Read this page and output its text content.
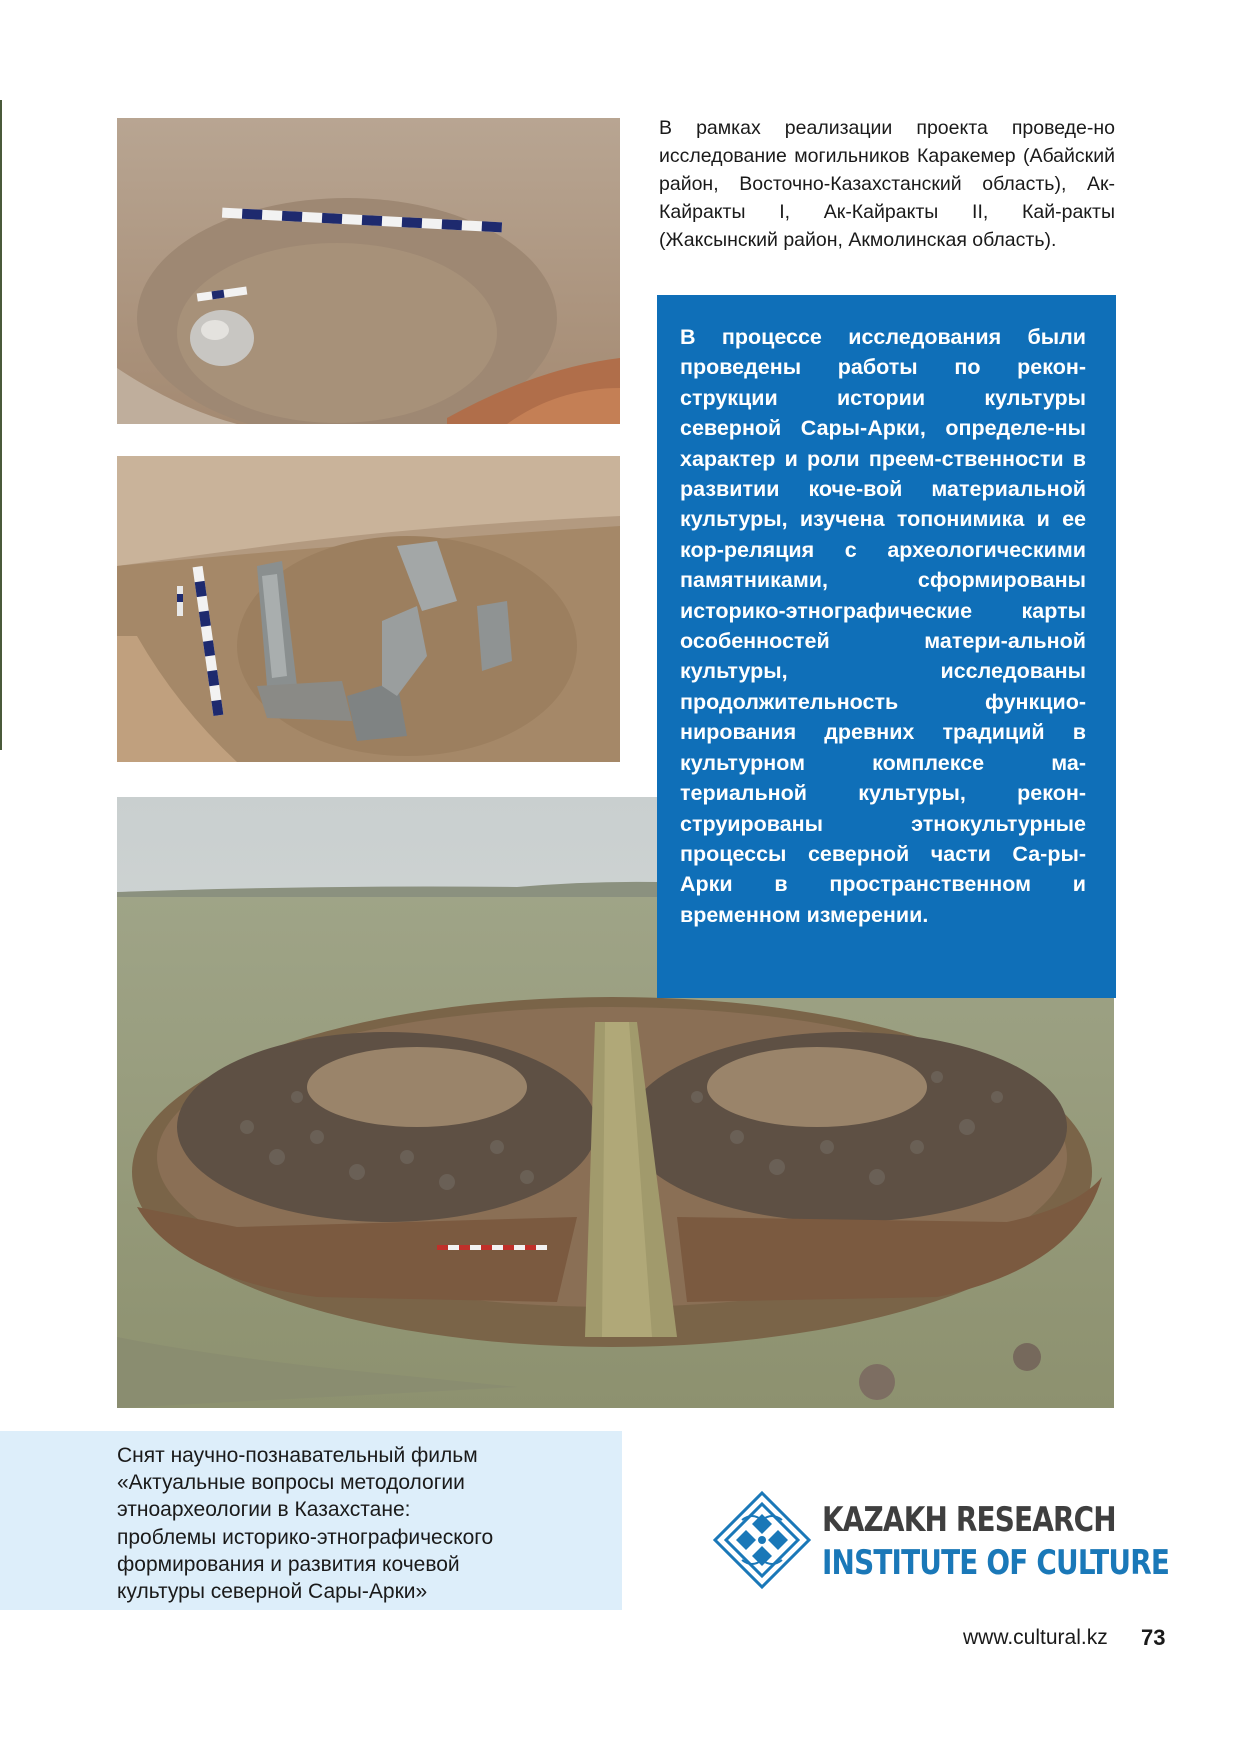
В рамках реализации проекта проведе-но исследование могильников Каракемер (Абайский район, Восточно-Казахстанский область), Ак-Кайракты I, Ак-Кайракты II, Кай-ракты (Жаксынский район, Акмолинская область).

В процессе исследования были проведены работы по рекон-струкции истории культуры северной Сары-Арки, определе-ны характер и роли преем-ственности в развитии коче-вой материальной культуры, изучена топонимика и ее кор-реляция с археологическими памятниками, сформированы историко-этнографические карты особенностей матери-альной культуры, исследованы продолжительность функцио-нирования древних традиций в культурном комплексе ма-териальной культуры, рекон-струированы этнокультурные процессы северной части Са-ры-Арки в пространственном и временном измерении.

Снят научно-познавательный фильм
«Актуальные вопросы методологии
этноархеологии в Казахстане:
проблемы историко-этнографического
формирования и развития кочевой
культуры северной Сары-Арки»

KAZAKH RESEARCH
INSTITUTE OF CULTURE
www.cultural.kz 73
